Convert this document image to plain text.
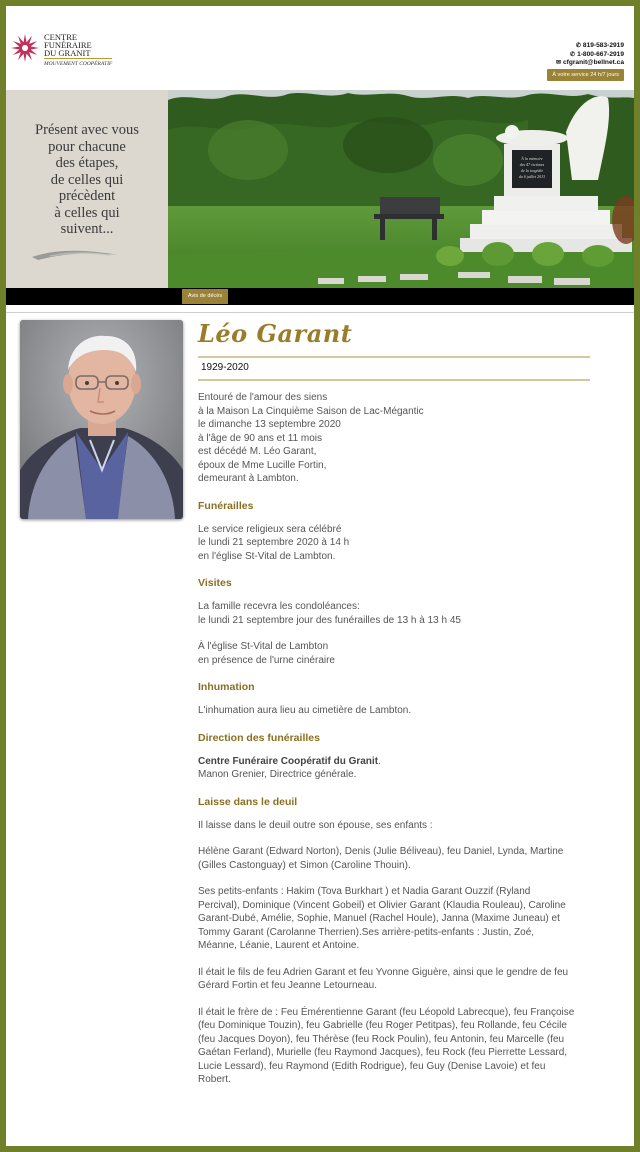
CENTRE
FUNÉRAIRE
DU GRANIT
MOUVEMENT COOPÉRATIF
✆ 819-583-2919
✆ 1-800-667-2919
✉ cfgranit@bellnet.ca
À votre service 24 h/7 jours
Présent avec vous
pour chacune
des étapes,
de celles qui
précèdent
à celles qui
suivent...
À la mémoire
des 47 victimes
de la tragédie
du 6 juillet 2013
Avis de décès
Léo Garant
1929-2020

Entouré de l'amour des siens

à la Maison La Cinquième Saison de Lac-Mégantic

le dimanche 13 septembre 2020

à l'âge de 90 ans et 11 mois

est décédé M. Léo Garant,

époux de Mme Lucille Fortin,

demeurant à Lambton.

Funérailles

Le service religieux sera célébré

le lundi 21 septembre 2020 à 14 h

en l'église St-Vital de Lambton.

Visites

La famille recevra les condoléances:

le lundi 21 septembre jour des funérailles de 13 h à 13 h 45

À l'église St-Vital de Lambton

en présence de l'urne cinéraire

Inhumation

L'inhumation aura lieu au cimetière de Lambton.

Direction des funérailles

Centre Funéraire Coopératif du Granit.

Manon Grenier, Directrice générale.

Laisse dans le deuil

Il laisse dans le deuil outre son épouse, ses enfants :

Hélène Garant (Edward Norton), Denis (Julie Béliveau), feu Daniel, Lynda, Martine

(Gilles Castonguay) et Simon (Caroline Thouin).

Ses petits-enfants : Hakim (Tova Burkhart ) et Nadia Garant Ouzzif (Ryland

Percival), Dominique (Vincent Gobeil) et Olivier Garant (Klaudia Rouleau), Caroline

Garant-Dubé, Amélie, Sophie, Manuel (Rachel Houle), Janna (Maxime Juneau) et

Tommy Garant (Carolanne Therrien).Ses arrière-petits-enfants : Justin, Zoé,

Méanne, Léanie, Laurent et Antoine.

Il était le fils de feu Adrien Garant et feu Yvonne Giguère, ainsi que le gendre de feu

Gérard Fortin et feu Jeanne Letourneau.

Il était le frère de : Feu Émérentienne Garant (feu Léopold Labrecque), feu Françoise

(feu Dominique Touzin), feu Gabrielle (feu Roger Petitpas), feu Rollande, feu Cécile

(feu Jacques Doyon), feu Thérèse (feu Rock Poulin), feu Antonin, feu Marcelle (feu

Gaétan Ferland), Murielle (feu Raymond Jacques), feu Rock (feu Pierrette Lessard,

Lucie Lessard), feu Raymond (Edith Rodrigue), feu Guy (Denise Lavoie) et feu

Robert.
